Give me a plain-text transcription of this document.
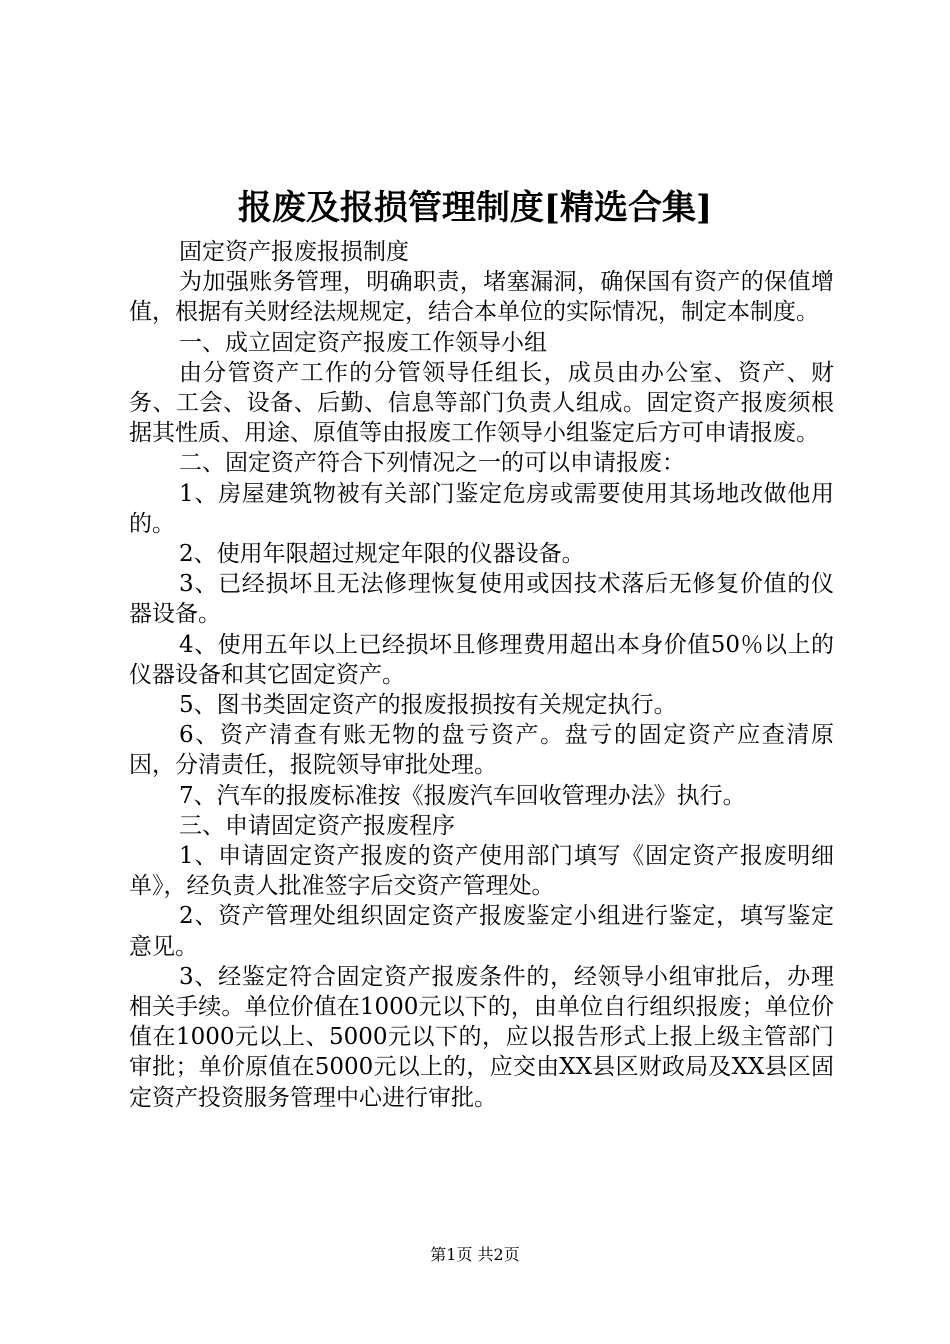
报废及报损管理制度[精选合集]

固定资产报废报损制度

为加强账务管理，明确职责，堵塞漏洞，确保国有资产的保值增值，根据有关财经法规规定，结合本单位的实际情况，制定本制度。

一、成立固定资产报废工作领导小组

由分管资产工作的分管领导任组长，成员由办公室、资产、财务、工会、设备、后勤、信息等部门负责人组成。固定资产报废须根据其性质、用途、原值等由报废工作领导小组鉴定后方可申请报废。

二、固定资产符合下列情况之一的可以申请报废：

1、房屋建筑物被有关部门鉴定危房或需要使用其场地改做他用的。

2、使用年限超过规定年限的仪器设备。

3、已经损坏且无法修理恢复使用或因技术落后无修复价值的仪器设备。

4、使用五年以上已经损坏且修理费用超出本身价值50％以上的仪器设备和其它固定资产。

5、图书类固定资产的报废报损按有关规定执行。

6、资产清查有账无物的盘亏资产。盘亏的固定资产应查清原因，分清责任，报院领导审批处理。

7、汽车的报废标准按《报废汽车回收管理办法》执行。

三、申请固定资产报废程序

1、申请固定资产报废的资产使用部门填写《固定资产报废明细单》，经负责人批准签字后交资产管理处。

2、资产管理处组织固定资产报废鉴定小组进行鉴定，填写鉴定意见。

3、经鉴定符合固定资产报废条件的，经领导小组审批后，办理相关手续。单位价值在1000元以下的，由单位自行组织报废；单位价值在1000元以上、5000元以下的，应以报告形式上报上级主管部门审批；单价原值在5000元以上的，应交由XX县区财政局及XX县区固定资产投资服务管理中心进行审批。

第1页 共2页
